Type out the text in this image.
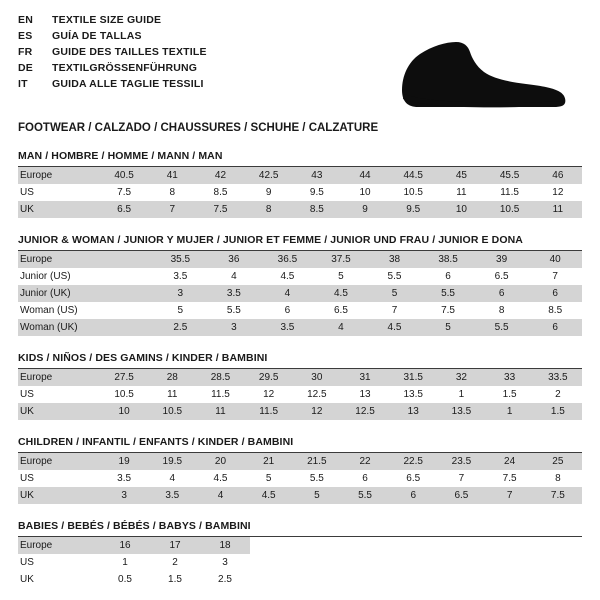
EN	TEXTILE SIZE GUIDE
ES	GUÍA DE TALLAS
FR	GUIDE DES TAILLES TEXTILE
DE	TEXTILGRÖSSENFÜHRUNG
IT	GUIDA ALLE TAGLIE TESSILI
FOOTWEAR / CALZADO / CHAUSSURES / SCHUHE / CALZATURE
MAN / HOMBRE / HOMME / MANN / MAN
Europe	40.5	41	42	42.5	43	44	44.5	45	45.5	46
US	7.5	8	8.5	9	9.5	10	10.5	11	11.5	12
UK	6.5	7	7.5	8	8.5	9	9.5	10	10.5	11
JUNIOR & WOMAN / JUNIOR Y MUJER / JUNIOR ET FEMME / JUNIOR UND FRAU / JUNIOR E DONA
Europe		35.5	36	36.5	37.5	38	38.5	39	40
Junior (US)		3.5	4	4.5	5	5.5	6	6.5	7
Junior (UK)		3	3.5	4	4.5	5	5.5	6	6
Woman (US)		5	5.5	6	6.5	7	7.5	8	8.5
Woman (UK)		2.5	3	3.5	4	4.5	5	5.5	6
KIDS / NIÑOS / DES GAMINS / KINDER / BAMBINI
Europe	27.5	28	28.5	29.5	30	31	31.5	32	33	33.5
US	10.5	11	11.5	12	12.5	13	13.5	1	1.5	2
UK	10	10.5	11	11.5	12	12.5	13	13.5	1	1.5
CHILDREN / INFANTIL / ENFANTS / KINDER / BAMBINI
Europe	19	19.5	20	21	21.5	22	22.5	23.5	24	25
US	3.5	4	4.5	5	5.5	6	6.5	7	7.5	8
UK	3	3.5	4	4.5	5	5.5	6	6.5	7	7.5
BABIES / BEBÉS / BÉBÉS / BABYS / BAMBINI
Europe	16	17	18
US	1	2	3
UK	0.5	1.5	2.5
